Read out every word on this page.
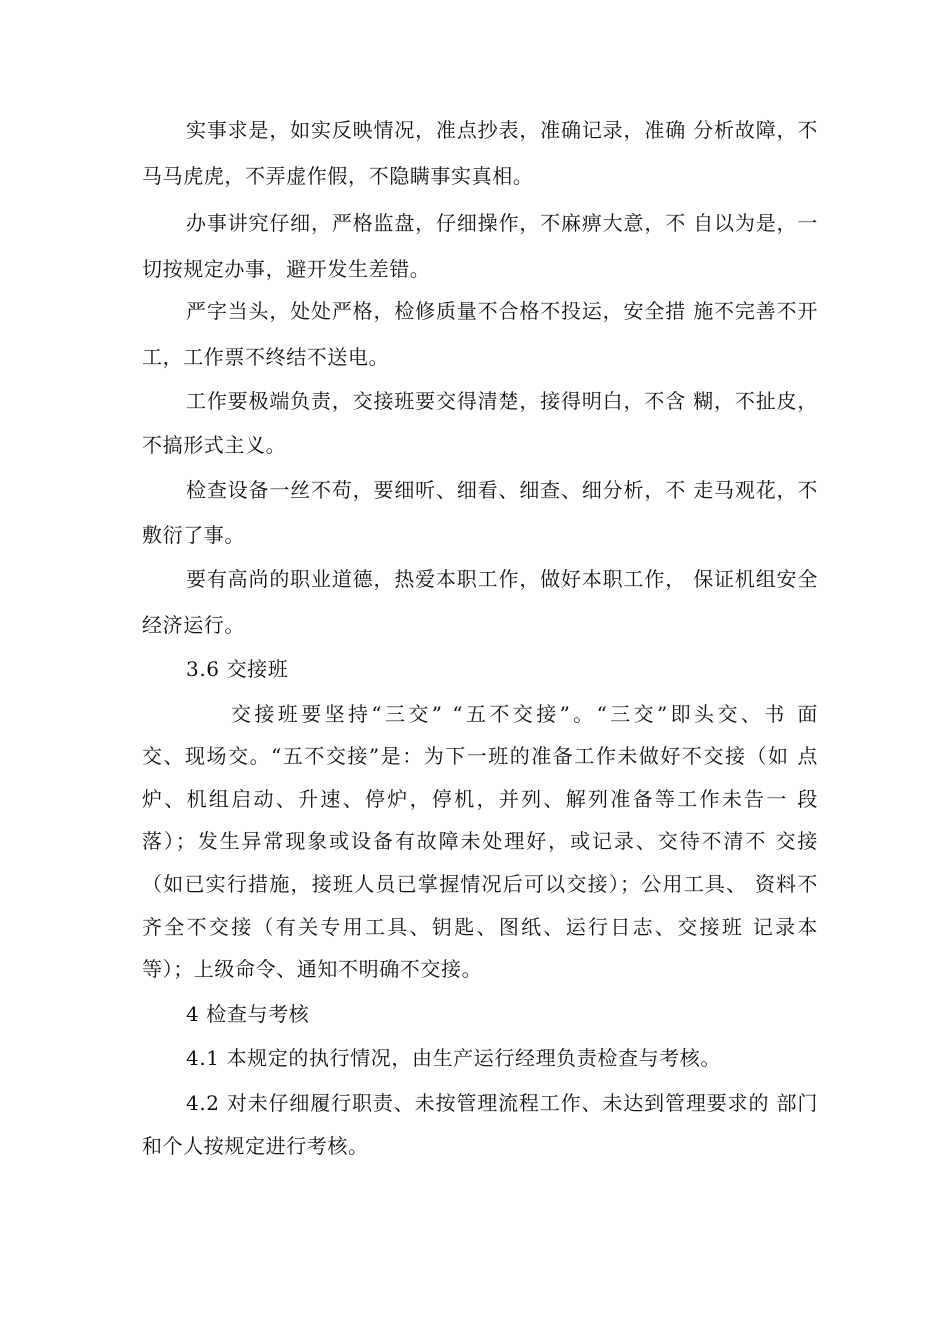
实事求是，如实反映情况，准点抄表，准确记录，准确 分析故障，不
马马虎虎，不弄虚作假，不隐瞒事实真相。
办事讲究仔细，严格监盘，仔细操作，不麻痹大意，不 自以为是，一
切按规定办事，避开发生差错。
严字当头，处处严格，检修质量不合格不投运，安全措 施不完善不开
工，工作票不终结不送电。
工作要极端负责，交接班要交得清楚，接得明白，不含 糊，不扯皮，
不搞形式主义。
检查设备一丝不苟，要细听、细看、细查、细分析，不 走马观花，不
敷衍了事。
要有高尚的职业道德，热爱本职工作，做好本职工作， 保证机组安全
经济运行。
3.6 交接班
交接班要坚持“三交” “五不交接”。“三交”即头交、书 面
交、现场交。“五不交接”是：为下一班的准备工作未做好不交接（如 点
炉、机组启动、升速、停炉，停机，并列、解列准备等工作未告一 段
落）；发生异常现象或设备有故障未处理好，或记录、交待不清不 交接
（如已实行措施，接班人员已掌握情况后可以交接）；公用工具、 资料不
齐全不交接（有关专用工具、钥匙、图纸、运行日志、交接班 记录本
等）；上级命令、通知不明确不交接。
4 检查与考核
4.1 本规定的执行情况，由生产运行经理负责检查与考核。
4.2 对未仔细履行职责、未按管理流程工作、未达到管理要求的 部门
和个人按规定进行考核。
